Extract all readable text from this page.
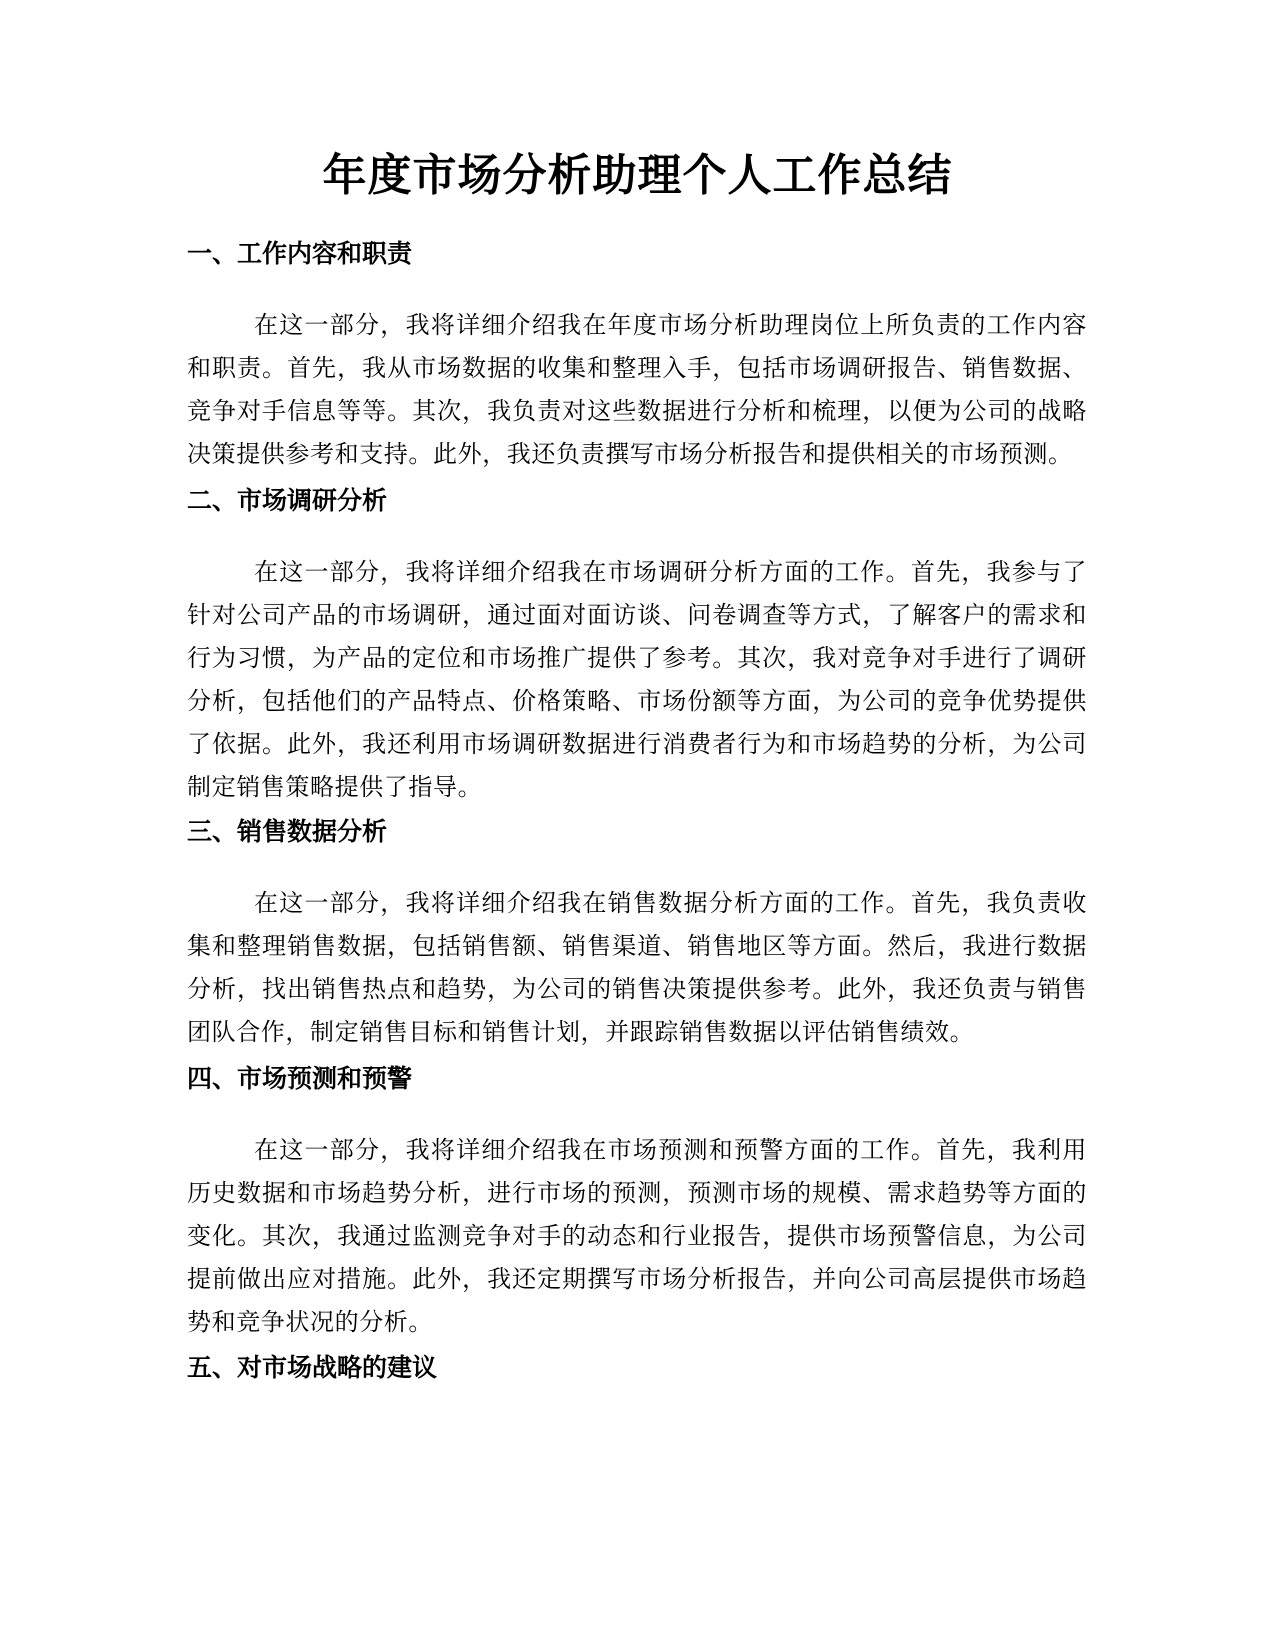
年度市场分析助理个人工作总结
一、工作内容和职责

在这一部分，我将详细介绍我在年度市场分析助理岗位上所负责的工作内容和职责。首先，我从市场数据的收集和整理入手，包括市场调研报告、销售数据、竞争对手信息等等。其次，我负责对这些数据进行分析和梳理，以便为公司的战略决策提供参考和支持。此外，我还负责撰写市场分析报告和提供相关的市场预测。

二、市场调研分析

在这一部分，我将详细介绍我在市场调研分析方面的工作。首先，我参与了针对公司产品的市场调研，通过面对面访谈、问卷调查等方式，了解客户的需求和行为习惯，为产品的定位和市场推广提供了参考。其次，我对竞争对手进行了调研分析，包括他们的产品特点、价格策略、市场份额等方面，为公司的竞争优势提供了依据。此外，我还利用市场调研数据进行消费者行为和市场趋势的分析，为公司制定销售策略提供了指导。

三、销售数据分析

在这一部分，我将详细介绍我在销售数据分析方面的工作。首先，我负责收集和整理销售数据，包括销售额、销售渠道、销售地区等方面。然后，我进行数据分析，找出销售热点和趋势，为公司的销售决策提供参考。此外，我还负责与销售团队合作，制定销售目标和销售计划，并跟踪销售数据以评估销售绩效。

四、市场预测和预警

在这一部分，我将详细介绍我在市场预测和预警方面的工作。首先，我利用历史数据和市场趋势分析，进行市场的预测，预测市场的规模、需求趋势等方面的变化。其次，我通过监测竞争对手的动态和行业报告，提供市场预警信息，为公司提前做出应对措施。此外，我还定期撰写市场分析报告，并向公司高层提供市场趋势和竞争状况的分析。

五、对市场战略的建议
